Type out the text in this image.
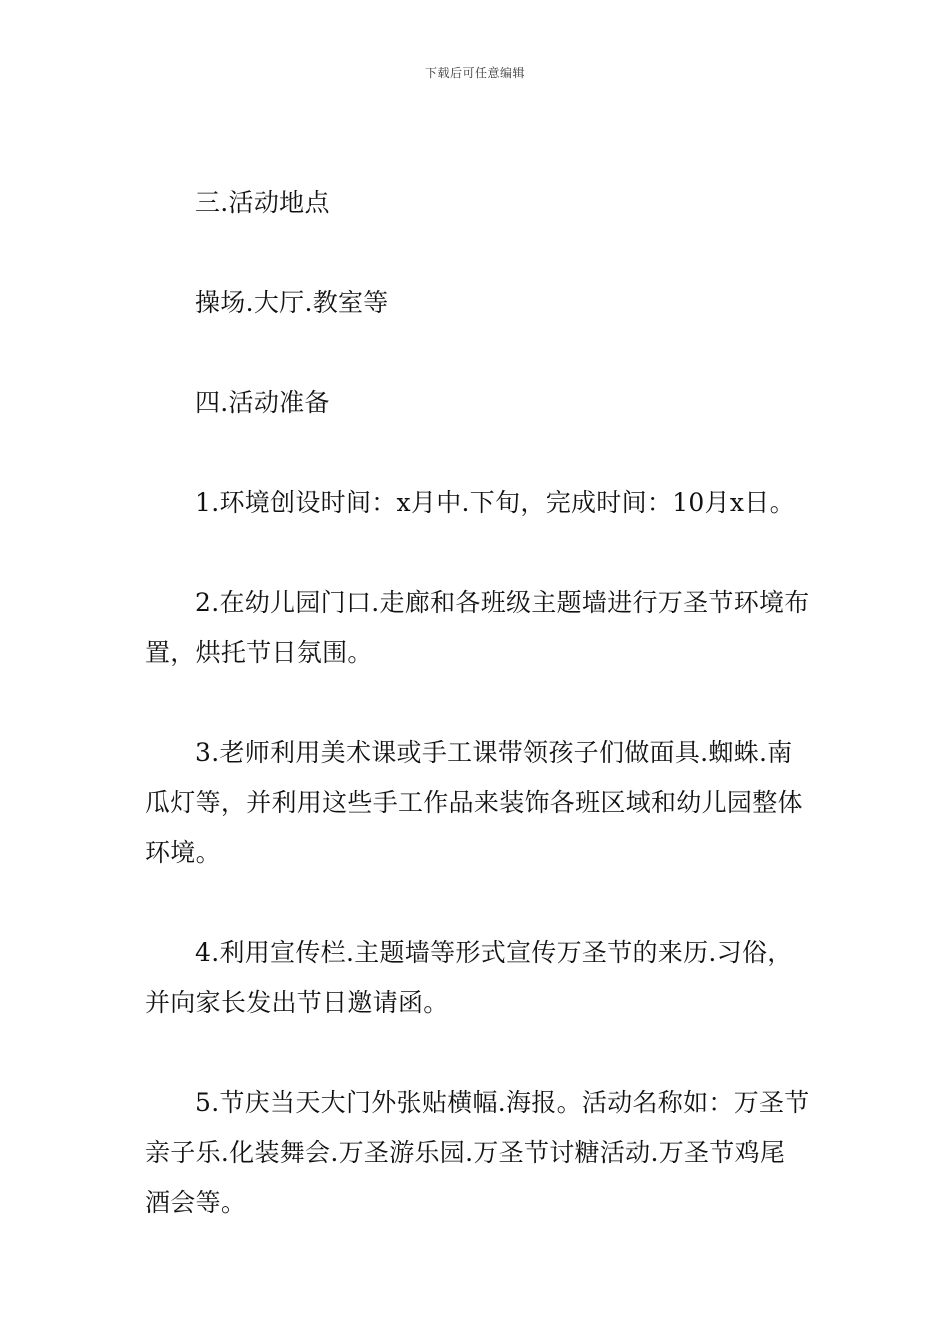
下载后可任意编辑

三.活动地点

操场.大厅.教室等

四.活动准备

1.环境创设时间：x月中.下旬，完成时间：10月x日。

2.在幼儿园门口.走廊和各班级主题墙进行万圣节环境布置，烘托节日氛围。

3.老师利用美术课或手工课带领孩子们做面具.蜘蛛.南瓜灯等，并利用这些手工作品来装饰各班区域和幼儿园整体环境。

4.利用宣传栏.主题墙等形式宣传万圣节的来历.习俗，并向家长发出节日邀请函。

5.节庆当天大门外张贴横幅.海报。活动名称如：万圣节亲子乐.化装舞会.万圣游乐园.万圣节讨糖活动.万圣节鸡尾酒会等。
